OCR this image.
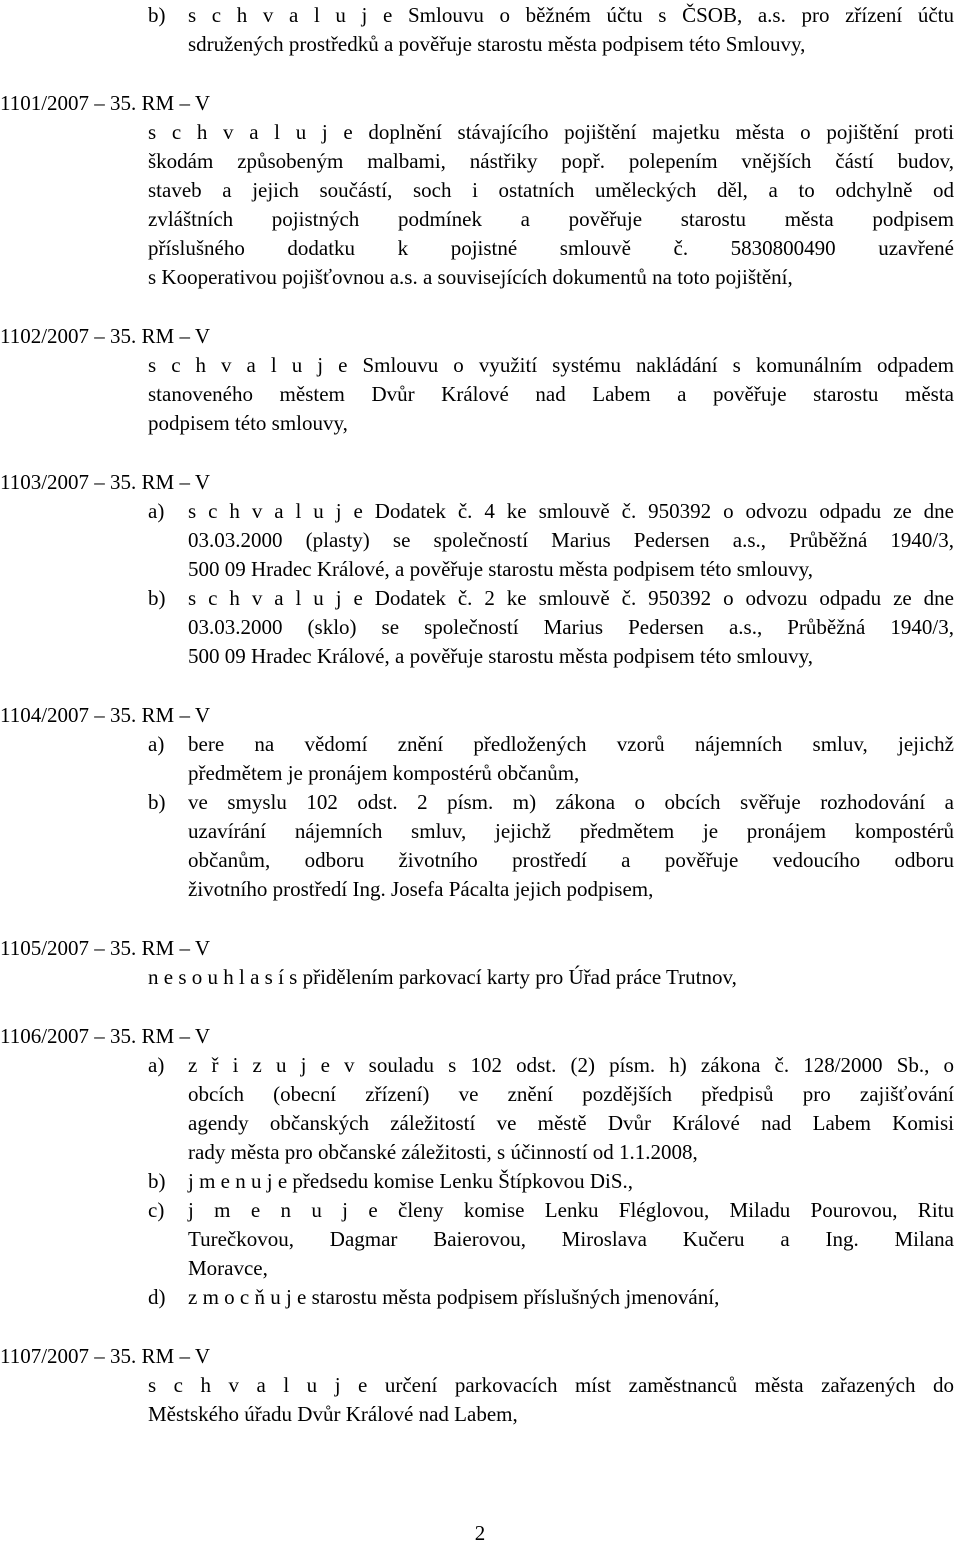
b) s c h v a l u j e Smlouvu o běžném účtu s ČSOB, a.s. pro zřízení účtu
sdružených prostředků a pověřuje starostu města podpisem této Smlouvy,
1101/2007 – 35. RM – V
s c h v a l u j e doplnění stávajícího pojištění majetku města o pojištění proti
škodám způsobeným malbami, nástřiky popř. polepením vnějších částí budov,
staveb a jejich součástí, soch i ostatních uměleckých děl, a to odchylně od
zvláštních pojistných podmínek a pověřuje starostu města podpisem
příslušného dodatku k pojistné smlouvě č. 5830800490 uzavřené
s Kooperativou pojišťovnou a.s. a souvisejících dokumentů na toto pojištění,
1102/2007 – 35. RM – V
s c h v a l u j e Smlouvu o využití systému nakládání s komunálním odpadem
stanoveného městem Dvůr Králové nad Labem a pověřuje starostu města
podpisem této smlouvy,
1103/2007 – 35. RM – V
a) s c h v a l u j e Dodatek č. 4 ke smlouvě č. 950392 o odvozu odpadu ze dne
03.03.2000 (plasty) se společností Marius Pedersen a.s., Průběžná 1940/3,
500 09 Hradec Králové, a pověřuje starostu města podpisem této smlouvy,
b) s c h v a l u j e Dodatek č. 2 ke smlouvě č. 950392 o odvozu odpadu ze dne
03.03.2000 (sklo) se společností Marius Pedersen a.s., Průběžná 1940/3,
500 09 Hradec Králové, a pověřuje starostu města podpisem této smlouvy,
1104/2007 – 35. RM – V
a) bere na vědomí znění předložených vzorů nájemních smluv, jejichž
předmětem je pronájem kompostérů občanům,
b) ve smyslu 102 odst. 2 písm. m) zákona o obcích svěřuje rozhodování a
uzavírání nájemních smluv, jejichž předmětem je pronájem kompostérů
občanům, odboru životního prostředí a pověřuje vedoucího odboru
životního prostředí Ing. Josefa Pácalta jejich podpisem,
1105/2007 – 35. RM – V
n e s o u h l a s í s přidělením parkovací karty pro Úřad práce Trutnov,
1106/2007 – 35. RM – V
a) z ř i z u j e v souladu s 102 odst. (2) písm. h) zákona č. 128/2000 Sb., o
obcích (obecní zřízení) ve znění pozdějších předpisů pro zajišťování
agendy občanských záležitostí ve městě Dvůr Králové nad Labem Komisi
rady města pro občanské záležitosti, s účinností od 1.1.2008,
b) j m e n u j e předsedu komise Lenku Štípkovou DiS.,
c) j m e n u j e členy komise Lenku Fléglovou, Miladu Pourovou, Ritu
Turečkovou, Dagmar Baierovou, Miroslava Kučeru a Ing. Milana
Moravce,
d) z m o c ň u j e starostu města podpisem příslušných jmenování,
1107/2007 – 35. RM – V
s c h v a l u j e určení parkovacích míst zaměstnanců města zařazených do
Městského úřadu Dvůr Králové nad Labem,
2
